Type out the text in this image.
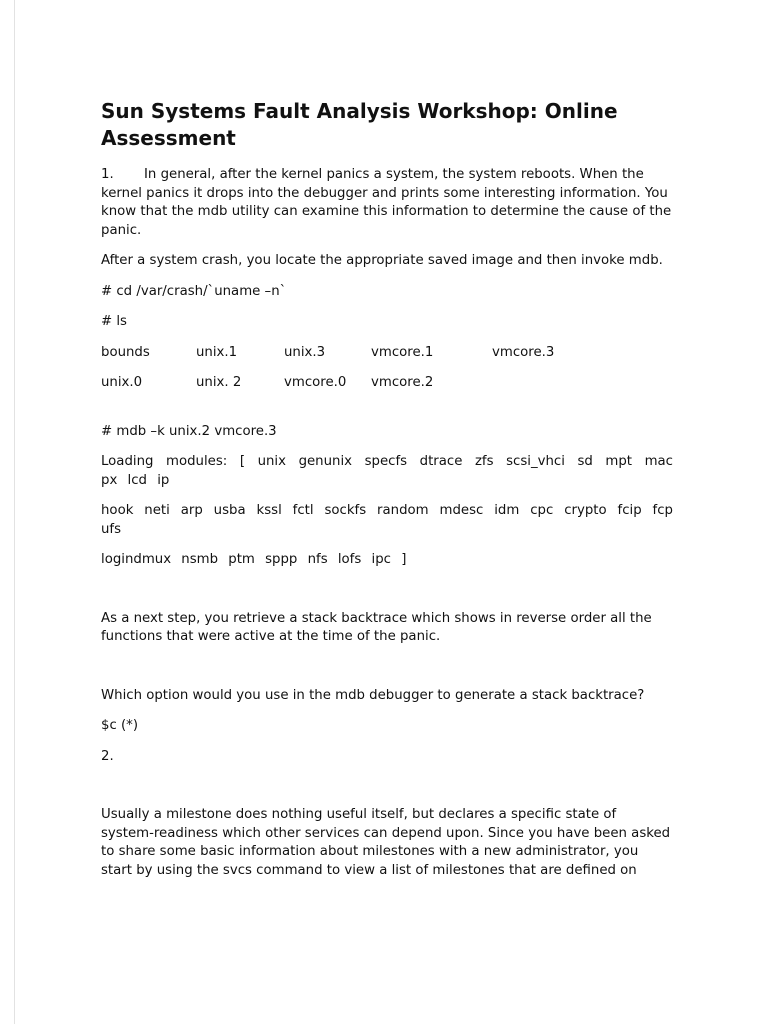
Sun Systems Fault Analysis Workshop: Online Assessment

1. In general, after the kernel panics a system, the system reboots. When the kernel panics it drops into the debugger and prints some interesting information. You know that the mdb utility can examine this information to determine the cause of the panic.

After a system crash, you locate the appropriate saved image and then invoke mdb.

# cd /var/crash/`uname –n`

# ls

bounds	unix.1	unix.3	vmcore.1	vmcore.3
unix.0	unix. 2	vmcore.0	vmcore.2

# mdb –k unix.2 vmcore.3

Loading modules: [ unix genunix specfs dtrace zfs scsi_vhci sd mpt mac px lcd ip

hook neti arp usba kssl fctl sockfs random mdesc idm cpc crypto fcip fcp ufs

logindmux nsmb ptm sppp nfs lofs ipc ]

As a next step, you retrieve a stack backtrace which shows in reverse order all the functions that were active at the time of the panic.

Which option would you use in the mdb debugger to generate a stack backtrace?

$c (*)

2.

Usually a milestone does nothing useful itself, but declares a specific state of system-readiness which other services can depend upon. Since you have been asked to share some basic information about milestones with a new administrator, you start by using the svcs command to view a list of milestones that are defined on
